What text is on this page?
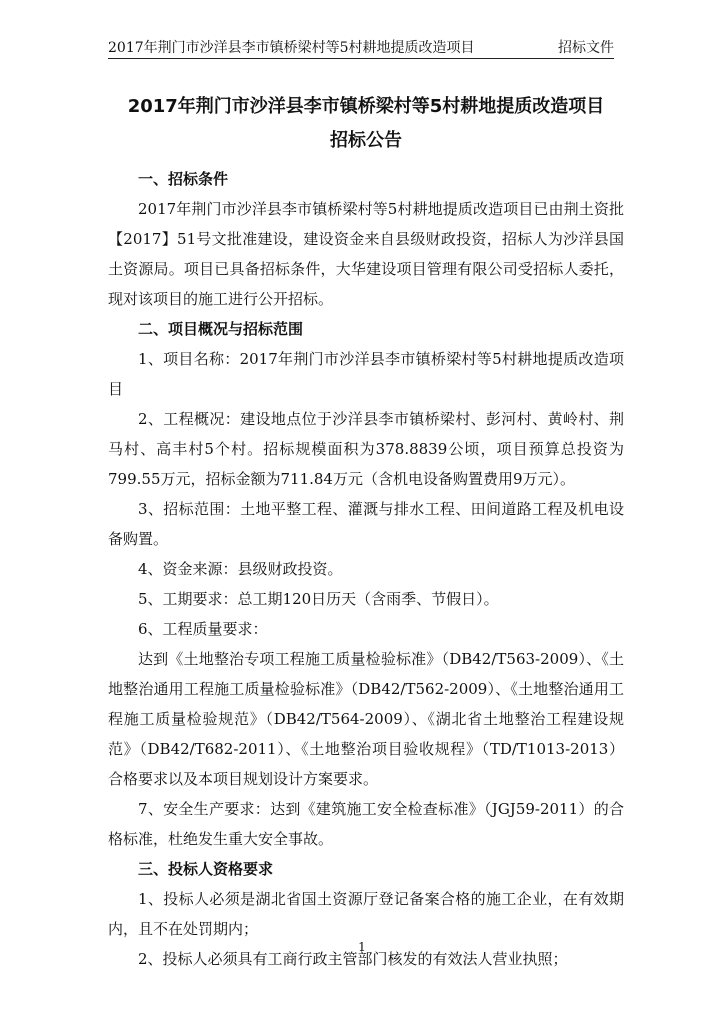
2017年荆门市沙洋县李市镇桥梁村等5村耕地提质改造项目	招标文件
2017年荆门市沙洋县李市镇桥梁村等5村耕地提质改造项目
招标公告
一、招标条件
2017年荆门市沙洋县李市镇桥梁村等5村耕地提质改造项目已由荆土资批【2017】51号文批准建设，建设资金来自县级财政投资，招标人为沙洋县国土资源局。项目已具备招标条件，大华建设项目管理有限公司受招标人委托，现对该项目的施工进行公开招标。
二、项目概况与招标范围
1、项目名称：2017年荆门市沙洋县李市镇桥梁村等5村耕地提质改造项目
2、工程概况：建设地点位于沙洋县李市镇桥梁村、彭河村、黄岭村、荆马村、高丰村5个村。招标规模面积为378.8839公顷，项目预算总投资为799.55万元，招标金额为711.84万元（含机电设备购置费用9万元）。
3、招标范围：土地平整工程、灌溉与排水工程、田间道路工程及机电设备购置。
4、资金来源：县级财政投资。
5、工期要求：总工期120日历天（含雨季、节假日）。
6、工程质量要求：
达到《土地整治专项工程施工质量检验标准》（DB42/T563-2009）、《土地整治通用工程施工质量检验标准》（DB42/T562-2009）、《土地整治通用工程施工质量检验规范》（DB42/T564-2009）、《湖北省土地整治工程建设规范》（DB42/T682-2011）、《土地整治项目验收规程》（TD/T1013-2013）合格要求以及本项目规划设计方案要求。
7、安全生产要求：达到《建筑施工安全检查标准》（JGJ59-2011）的合格标准，杜绝发生重大安全事故。
三、投标人资格要求
1、投标人必须是湖北省国土资源厅登记备案合格的施工企业，在有效期内，且不在处罚期内；
2、投标人必须具有工商行政主管部门核发的有效法人营业执照；
1
